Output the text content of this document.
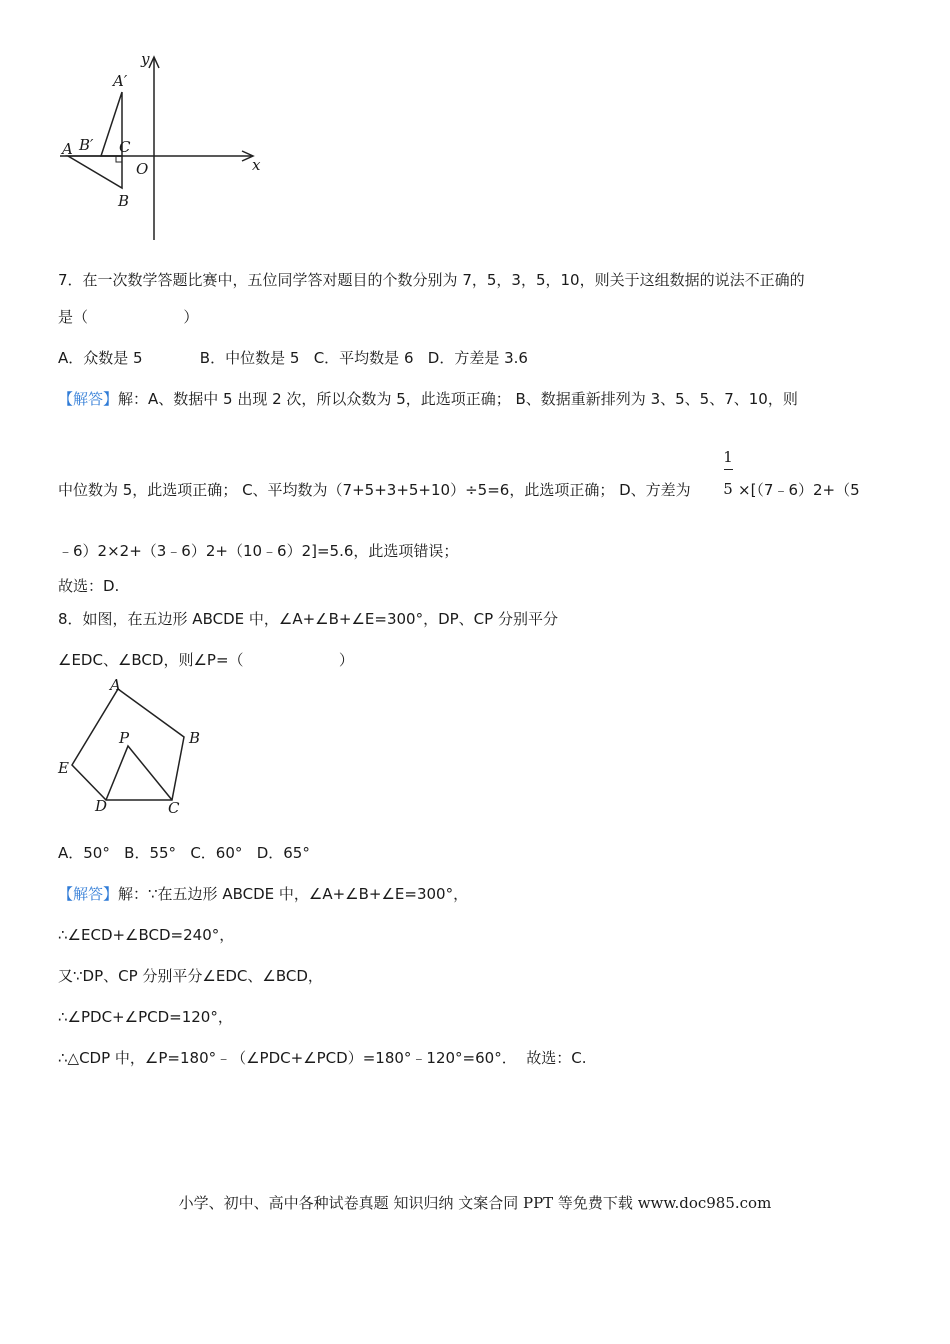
y
x
A′
A B′ C
O
B
7．在一次数学答题比赛中，五位同学答对题目的个数分别为 7，5，3，5，10，则关于这组数据的说法不正确的
是（                    ）
A．众数是 5            B．中位数是 5   C．平均数是 6   D．方差是 3.6
【解答】解：A、数据中 5 出现 2 次，所以众数为 5，此选项正确； B、数据重新排列为 3、5、5、7、10，则
1
5
中位数为 5，此选项正确； C、平均数为（7+5+3+5+10）÷5=6，此选项正确； D、方差为	×[（7﹣6）2+（5
﹣6）2×2+（3﹣6）2+（10﹣6）2]=5.6，此选项错误；
故选：D.
8．如图，在五边形 ABCDE 中，∠A+∠B+∠E=300°，DP、CP 分别平分
∠EDC、∠BCD，则∠P=（                    ）
A
B
E
P
D	C
A．50°   B．55°   C．60°   D．65°
【解答】解：∵在五边形 ABCDE 中，∠A+∠B+∠E=300°，
∴∠ECD+∠BCD=240°，
又∵DP、CP 分别平分∠EDC、∠BCD，
∴∠PDC+∠PCD=120°，
∴△CDP 中，∠P=180°﹣（∠PDC+∠PCD）=180°﹣120°=60°．  故选：C.
小学、初中、高中各种试卷真题 知识归纳 文案合同 PPT 等免费下载 www.doc985.com
